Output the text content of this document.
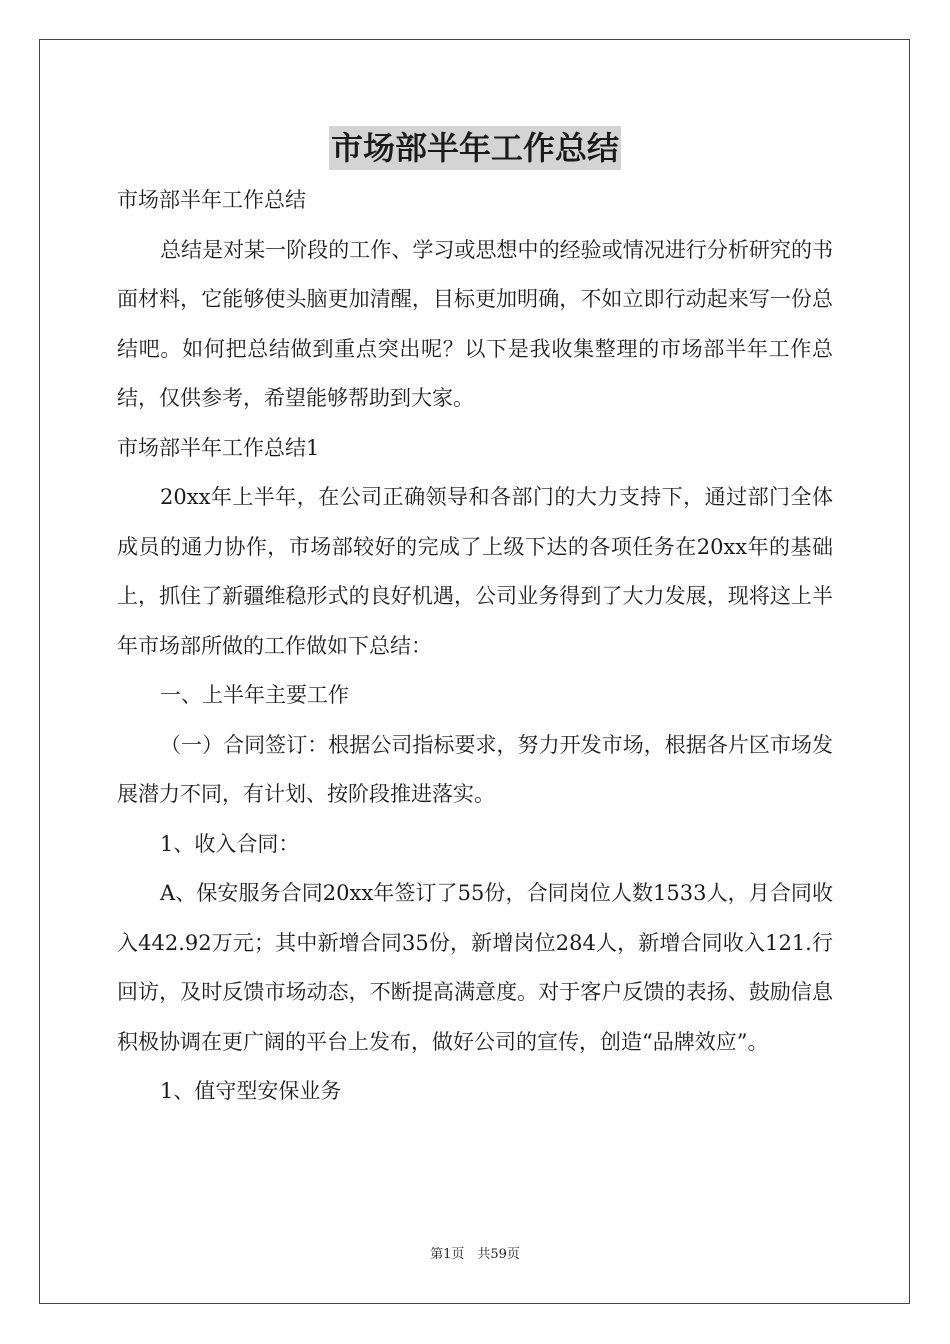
市场部半年工作总结

市场部半年工作总结

总结是对某一阶段的工作、学习或思想中的经验或情况进行分析研究的书面材料，它能够使头脑更加清醒，目标更加明确，不如立即行动起来写一份总结吧。如何把总结做到重点突出呢？以下是我收集整理的市场部半年工作总结，仅供参考，希望能够帮助到大家。

市场部半年工作总结1

20xx年上半年，在公司正确领导和各部门的大力支持下，通过部门全体成员的通力协作，市场部较好的完成了上级下达的各项任务在20xx年的基础上，抓住了新疆维稳形式的良好机遇，公司业务得到了大力发展，现将这上半年市场部所做的工作做如下总结：

一、上半年主要工作

（一）合同签订：根据公司指标要求，努力开发市场，根据各片区市场发展潜力不同，有计划、按阶段推进落实。

1、收入合同：

A、保安服务合同20xx年签订了55份，合同岗位人数1533人，月合同收入442.92万元；其中新增合同35份，新增岗位284人，新增合同收入121.行回访，及时反馈市场动态，不断提高满意度。对于客户反馈的表扬、鼓励信息积极协调在更广阔的平台上发布，做好公司的宣传，创造“品牌效应”。

1、值守型安保业务

第1页　共59页
